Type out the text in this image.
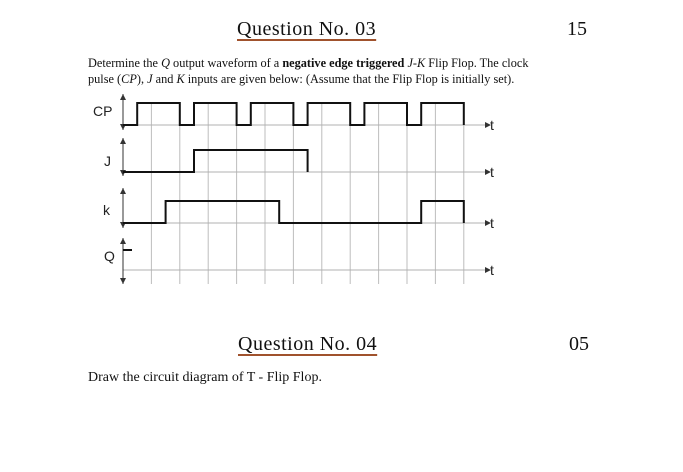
Question No. 03	15
Determine the Q output waveform of a negative edge triggered J-K Flip Flop. The clock
pulse (CP), J and K inputs are given below: (Assume that the Flip Flop is initially set).
CP
t
J
t
k
t
Q
t
Question No. 04	05
Draw the circuit diagram of T - Flip Flop.
